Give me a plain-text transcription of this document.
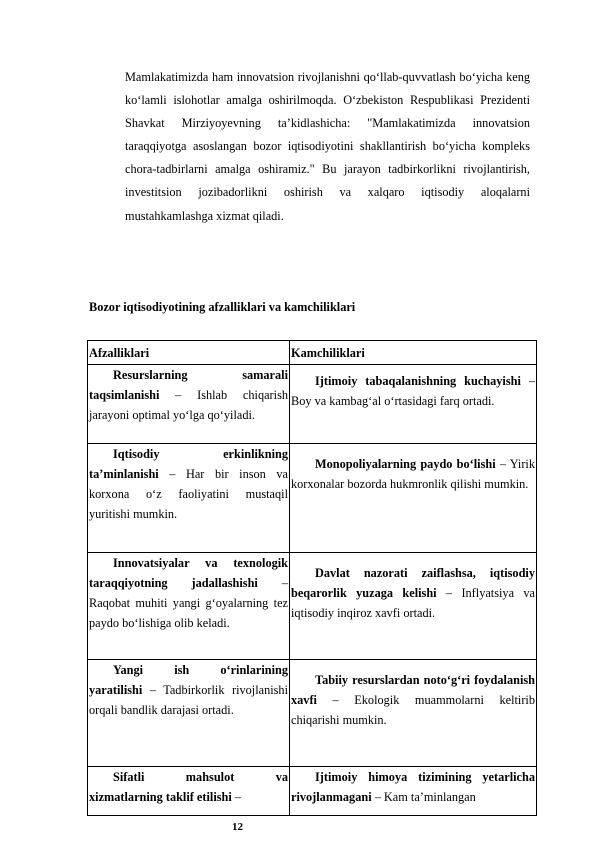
Mamlakatimizda ham innovatsion rivojlanishni qo‘llab-quvvatlash bo‘yicha keng ko‘lamli islohotlar amalga oshirilmoqda. O‘zbekiston Respublikasi Prezidenti Shavkat Mirziyoyevning ta’kidlashicha: "Mamlakatimizda innovatsion taraqqiyotga asoslangan bozor iqtisodiyotini shakllantirish bo‘yicha kompleks chora-tadbirlarni amalga oshiramiz." Bu jarayon tadbirkorlikni rivojlantirish, investitsion jozibadorlikni oshirish va xalqaro iqtisodiy aloqalarni mustahkamlashga xizmat qiladi.

Bozor iqtisodiyotining afzalliklari va kamchiliklari
Afzalliklari	Kamchiliklari

Resurslarning samarali taqsimlanishi – Ishlab chiqarish jarayoni optimal yo‘lga qo‘yiladi.	Ijtimoiy tabaqalanishning kuchayishi – Boy va kambag‘al o‘rtasidagi farq ortadi.

Iqtisodiy erkinlikning ta’minlanishi – Har bir inson va korxona o‘z faoliyatini mustaqil yuritishi mumkin.	Monopoliyalarning paydo bo‘lishi – Yirik korxonalar bozorda hukmronlik qilishi mumkin.

Innovatsiyalar va texnologik taraqqiyotning jadallashishi – Raqobat muhiti yangi g‘oyalarning tez paydo bo‘lishiga olib keladi.	Davlat nazorati zaiflashsa, iqtisodiy beqarorlik yuzaga kelishi – Inflyatsiya va iqtisodiy inqiroz xavfi ortadi.

Yangi ish o‘rinlarining yaratilishi – Tadbirkorlik rivojlanishi orqali bandlik darajasi ortadi.	Tabiiy resurslardan noto‘g‘ri foydalanish xavfi – Ekologik muammolarni keltirib chiqarishi mumkin.

Sifatli mahsulot va xizmatlarning taklif etilishi –	Ijtimoiy himoya tizimining yetarlicha rivojlanmagani – Kam ta’minlangan
12
